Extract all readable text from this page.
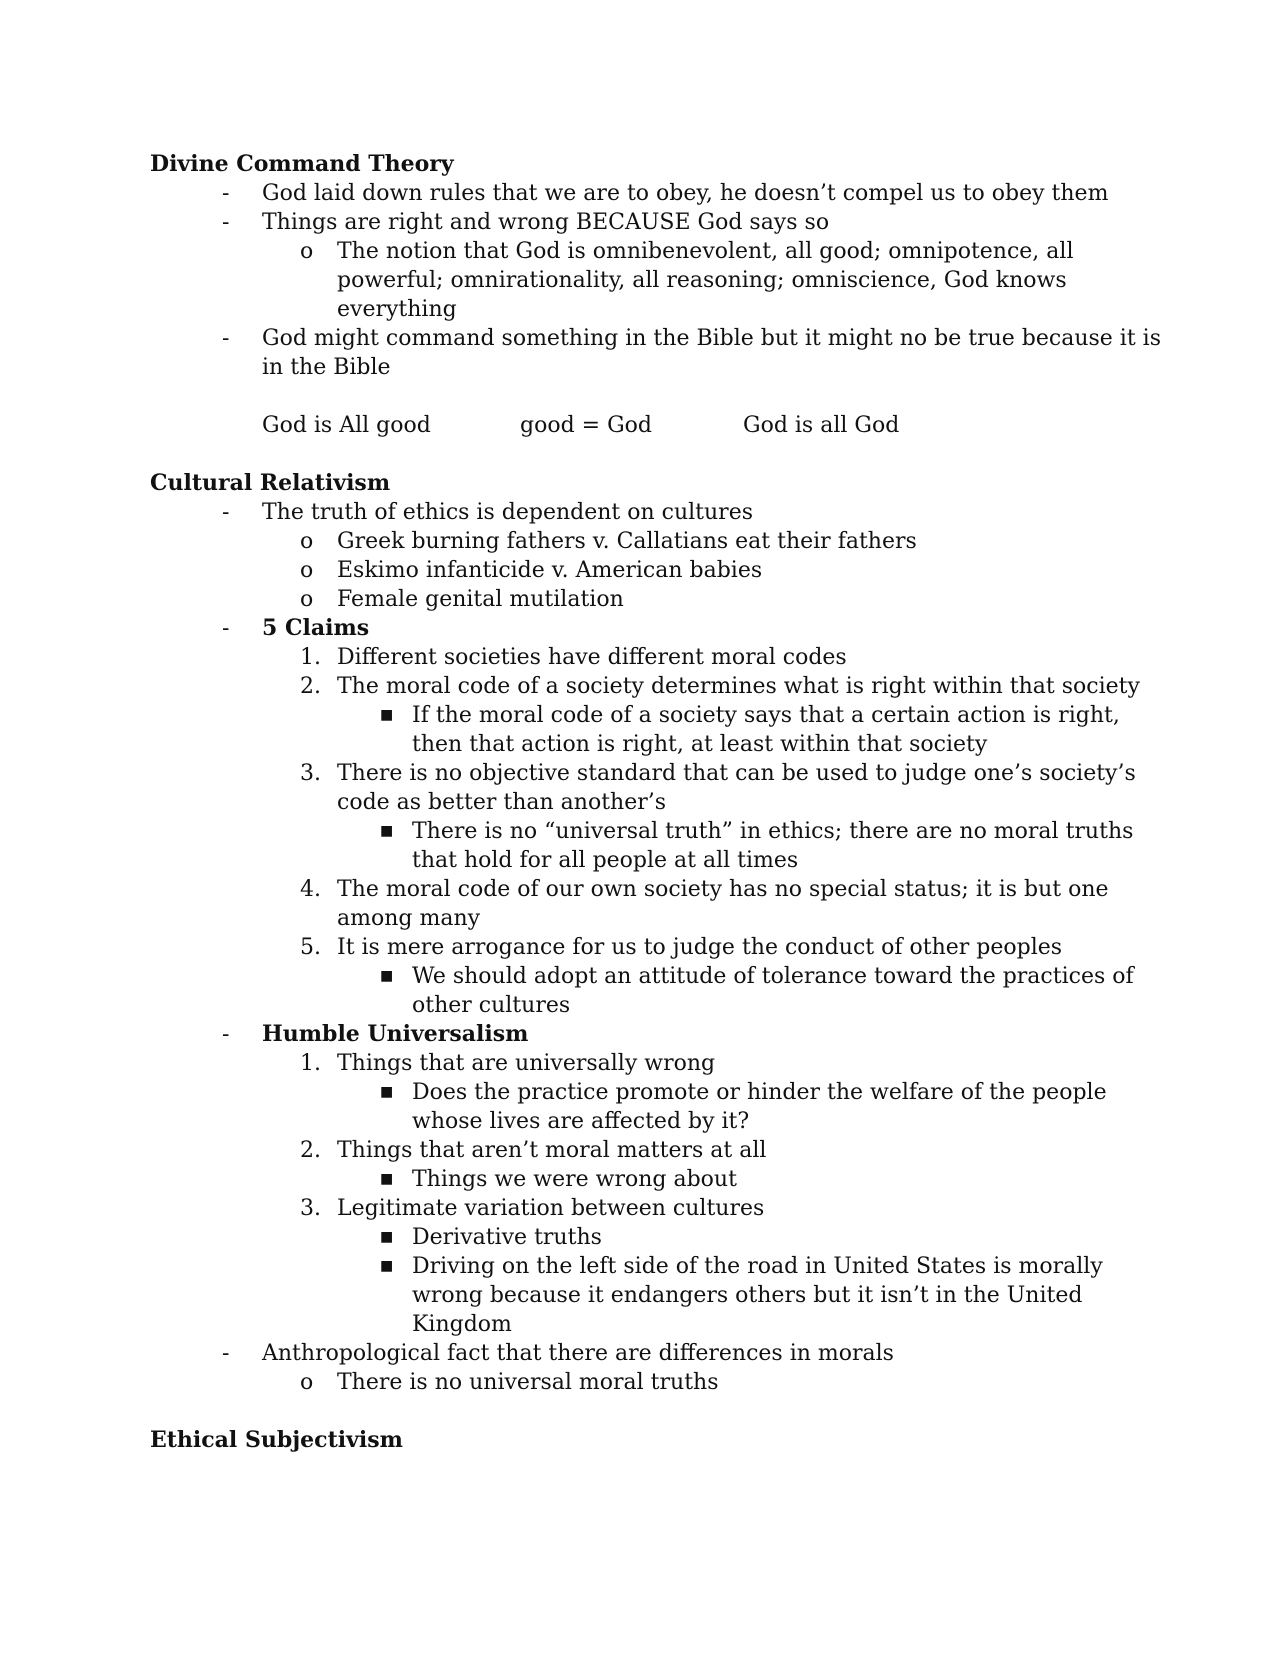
Divine Command Theory
- God laid down rules that we are to obey, he doesn’t compel us to obey them
- Things are right and wrong BECAUSE God says so
o The notion that God is omnibenevolent, all good; omnipotence, all
powerful; omnirationality, all reasoning; omniscience, God knows
everything
- God might command something in the Bible but it might no be true because it is
in the Bible
God is All good	good = God	God is all God
Cultural Relativism
- The truth of ethics is dependent on cultures
o Greek burning fathers v. Callatians eat their fathers
o Eskimo infanticide v. American babies
o Female genital mutilation
- 5 Claims
1. Different societies have different moral codes
2. The moral code of a society determines what is right within that society
■ If the moral code of a society says that a certain action is right,
then that action is right, at least within that society
3. There is no objective standard that can be used to judge one’s society’s
code as better than another’s
■ There is no “universal truth” in ethics; there are no moral truths
that hold for all people at all times
4. The moral code of our own society has no special status; it is but one
among many
5. It is mere arrogance for us to judge the conduct of other peoples
■ We should adopt an attitude of tolerance toward the practices of
other cultures
- Humble Universalism
1. Things that are universally wrong
■ Does the practice promote or hinder the welfare of the people
whose lives are affected by it?
2. Things that aren’t moral matters at all
■ Things we were wrong about
3. Legitimate variation between cultures
■ Derivative truths
■ Driving on the left side of the road in United States is morally
wrong because it endangers others but it isn’t in the United
Kingdom
- Anthropological fact that there are differences in morals
o There is no universal moral truths
Ethical Subjectivism
